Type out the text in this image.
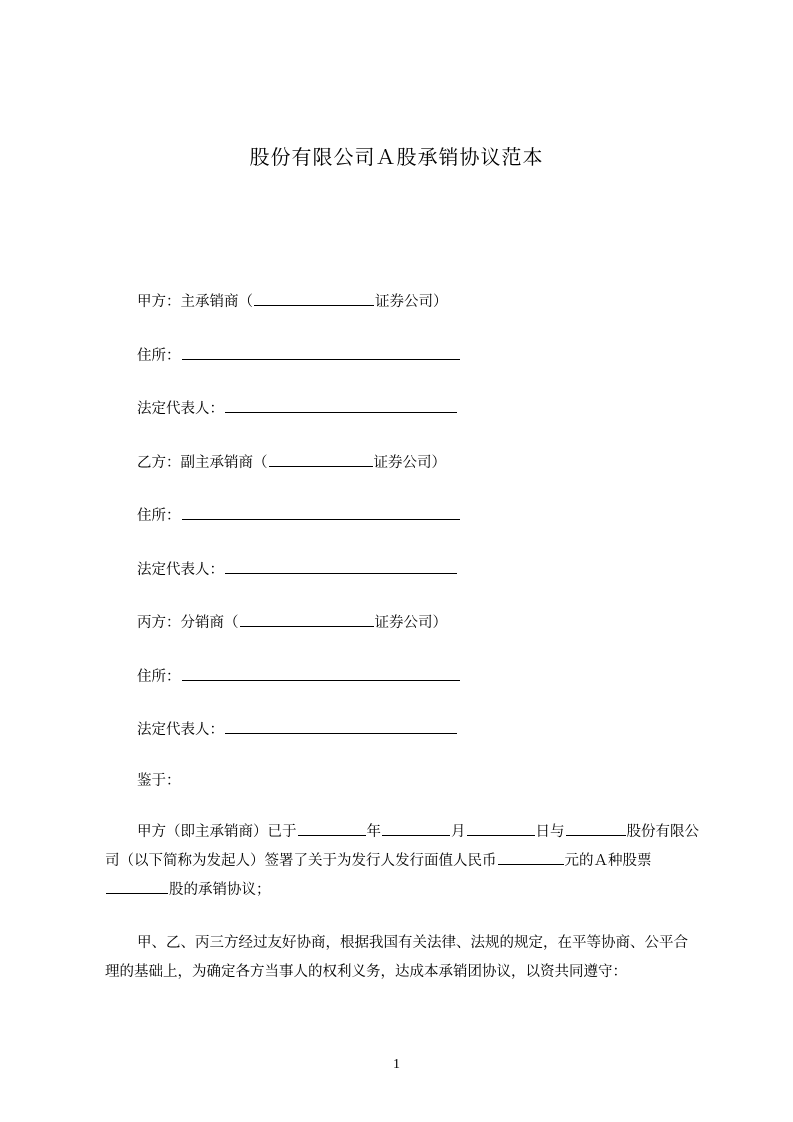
股份有限公司Ａ股承销协议范本
甲方：主承销商（	证券公司）
住所：
法定代表人：
乙方：副主承销商（	证券公司）
住所：
法定代表人：
丙方：分销商（	证券公司）
住所：
法定代表人：
鉴于：
甲方（即主承销商）已于	年	月	日与	股份有限公司（以下简称为发起人）签署了关于为发行人发行面值人民币	元的Ａ种股票股的承销协议；
甲、乙、丙三方经过友好协商，根据我国有关法律、法规的规定，在平等协商、公平合理的基础上，为确定各方当事人的权利义务，达成本承销团协议，以资共同遵守：
1
